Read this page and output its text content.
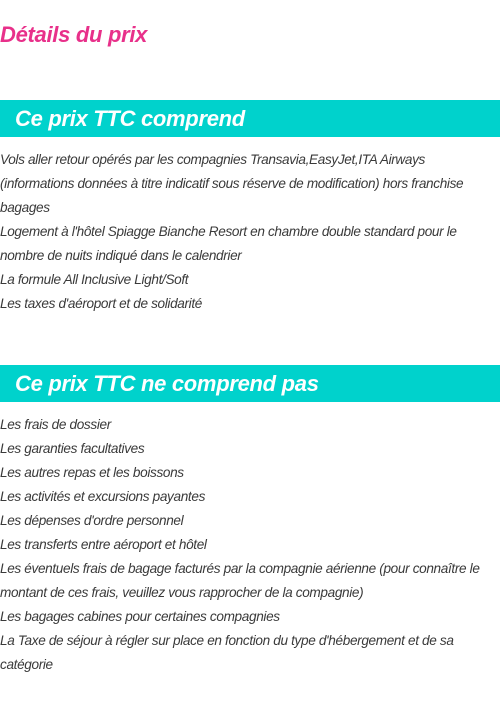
Détails du prix
Ce prix TTC comprend
Vols aller retour opérés par les compagnies Transavia,EasyJet,ITA Airways (informations données à titre indicatif sous réserve de modification) hors franchise bagages
Logement à l'hôtel Spiagge Bianche Resort en chambre double standard pour le nombre de nuits indiqué dans le calendrier
La formule All Inclusive Light/Soft
Les taxes d'aéroport et de solidarité
Ce prix TTC ne comprend pas
Les frais de dossier
Les garanties facultatives
Les autres repas et les boissons
Les activités et excursions payantes
Les dépenses d'ordre personnel
Les transferts entre aéroport et hôtel
Les éventuels frais de bagage facturés par la compagnie aérienne (pour connaître le montant de ces frais, veuillez vous rapprocher de la compagnie)
Les bagages cabines pour certaines compagnies
La Taxe de séjour à régler sur place en fonction du type d'hébergement et de sa catégorie
